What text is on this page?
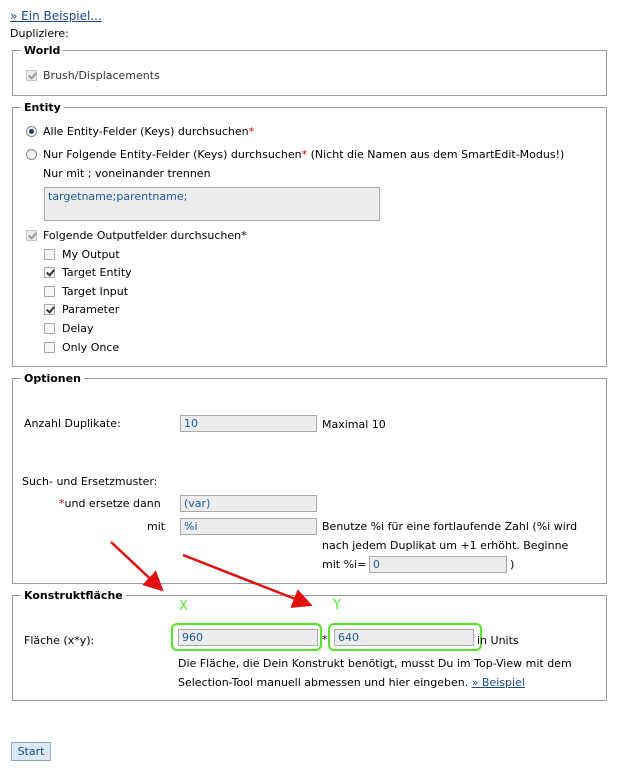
» Ein Beispiel...
Dupliziere:
World
Brush/Displacements
Entity
Alle Entity-Felder (Keys) durchsuchen*
Nur Folgende Entity-Felder (Keys) durchsuchen* (Nicht die Namen aus dem SmartEdit-Modus!)
Nur mit ; voneinander trennen
targetname;parentname;
Folgende Outputfelder durchsuchen*
My Output
Target Entity
Target Input
Parameter
Delay
Only Once
Optionen
Anzahl Duplikate:	10	Maximal 10
Such- und Ersetzmuster:
*und ersetze dann	(var)
mit	%i	Benutze %i für eine fortlaufende Zahl (%i wird
nach jedem Duplikat um +1 erhöht. Beginne
mit %i= 0	)
Konstruktfläche
Fläche (x*y):	960	* 640	in Units
Die Fläche, die Dein Konstrukt benötigt, musst Du im Top-View mit dem
Selection-Tool manuell abmessen und hier eingeben. » Beispiel
X	Y
Start
